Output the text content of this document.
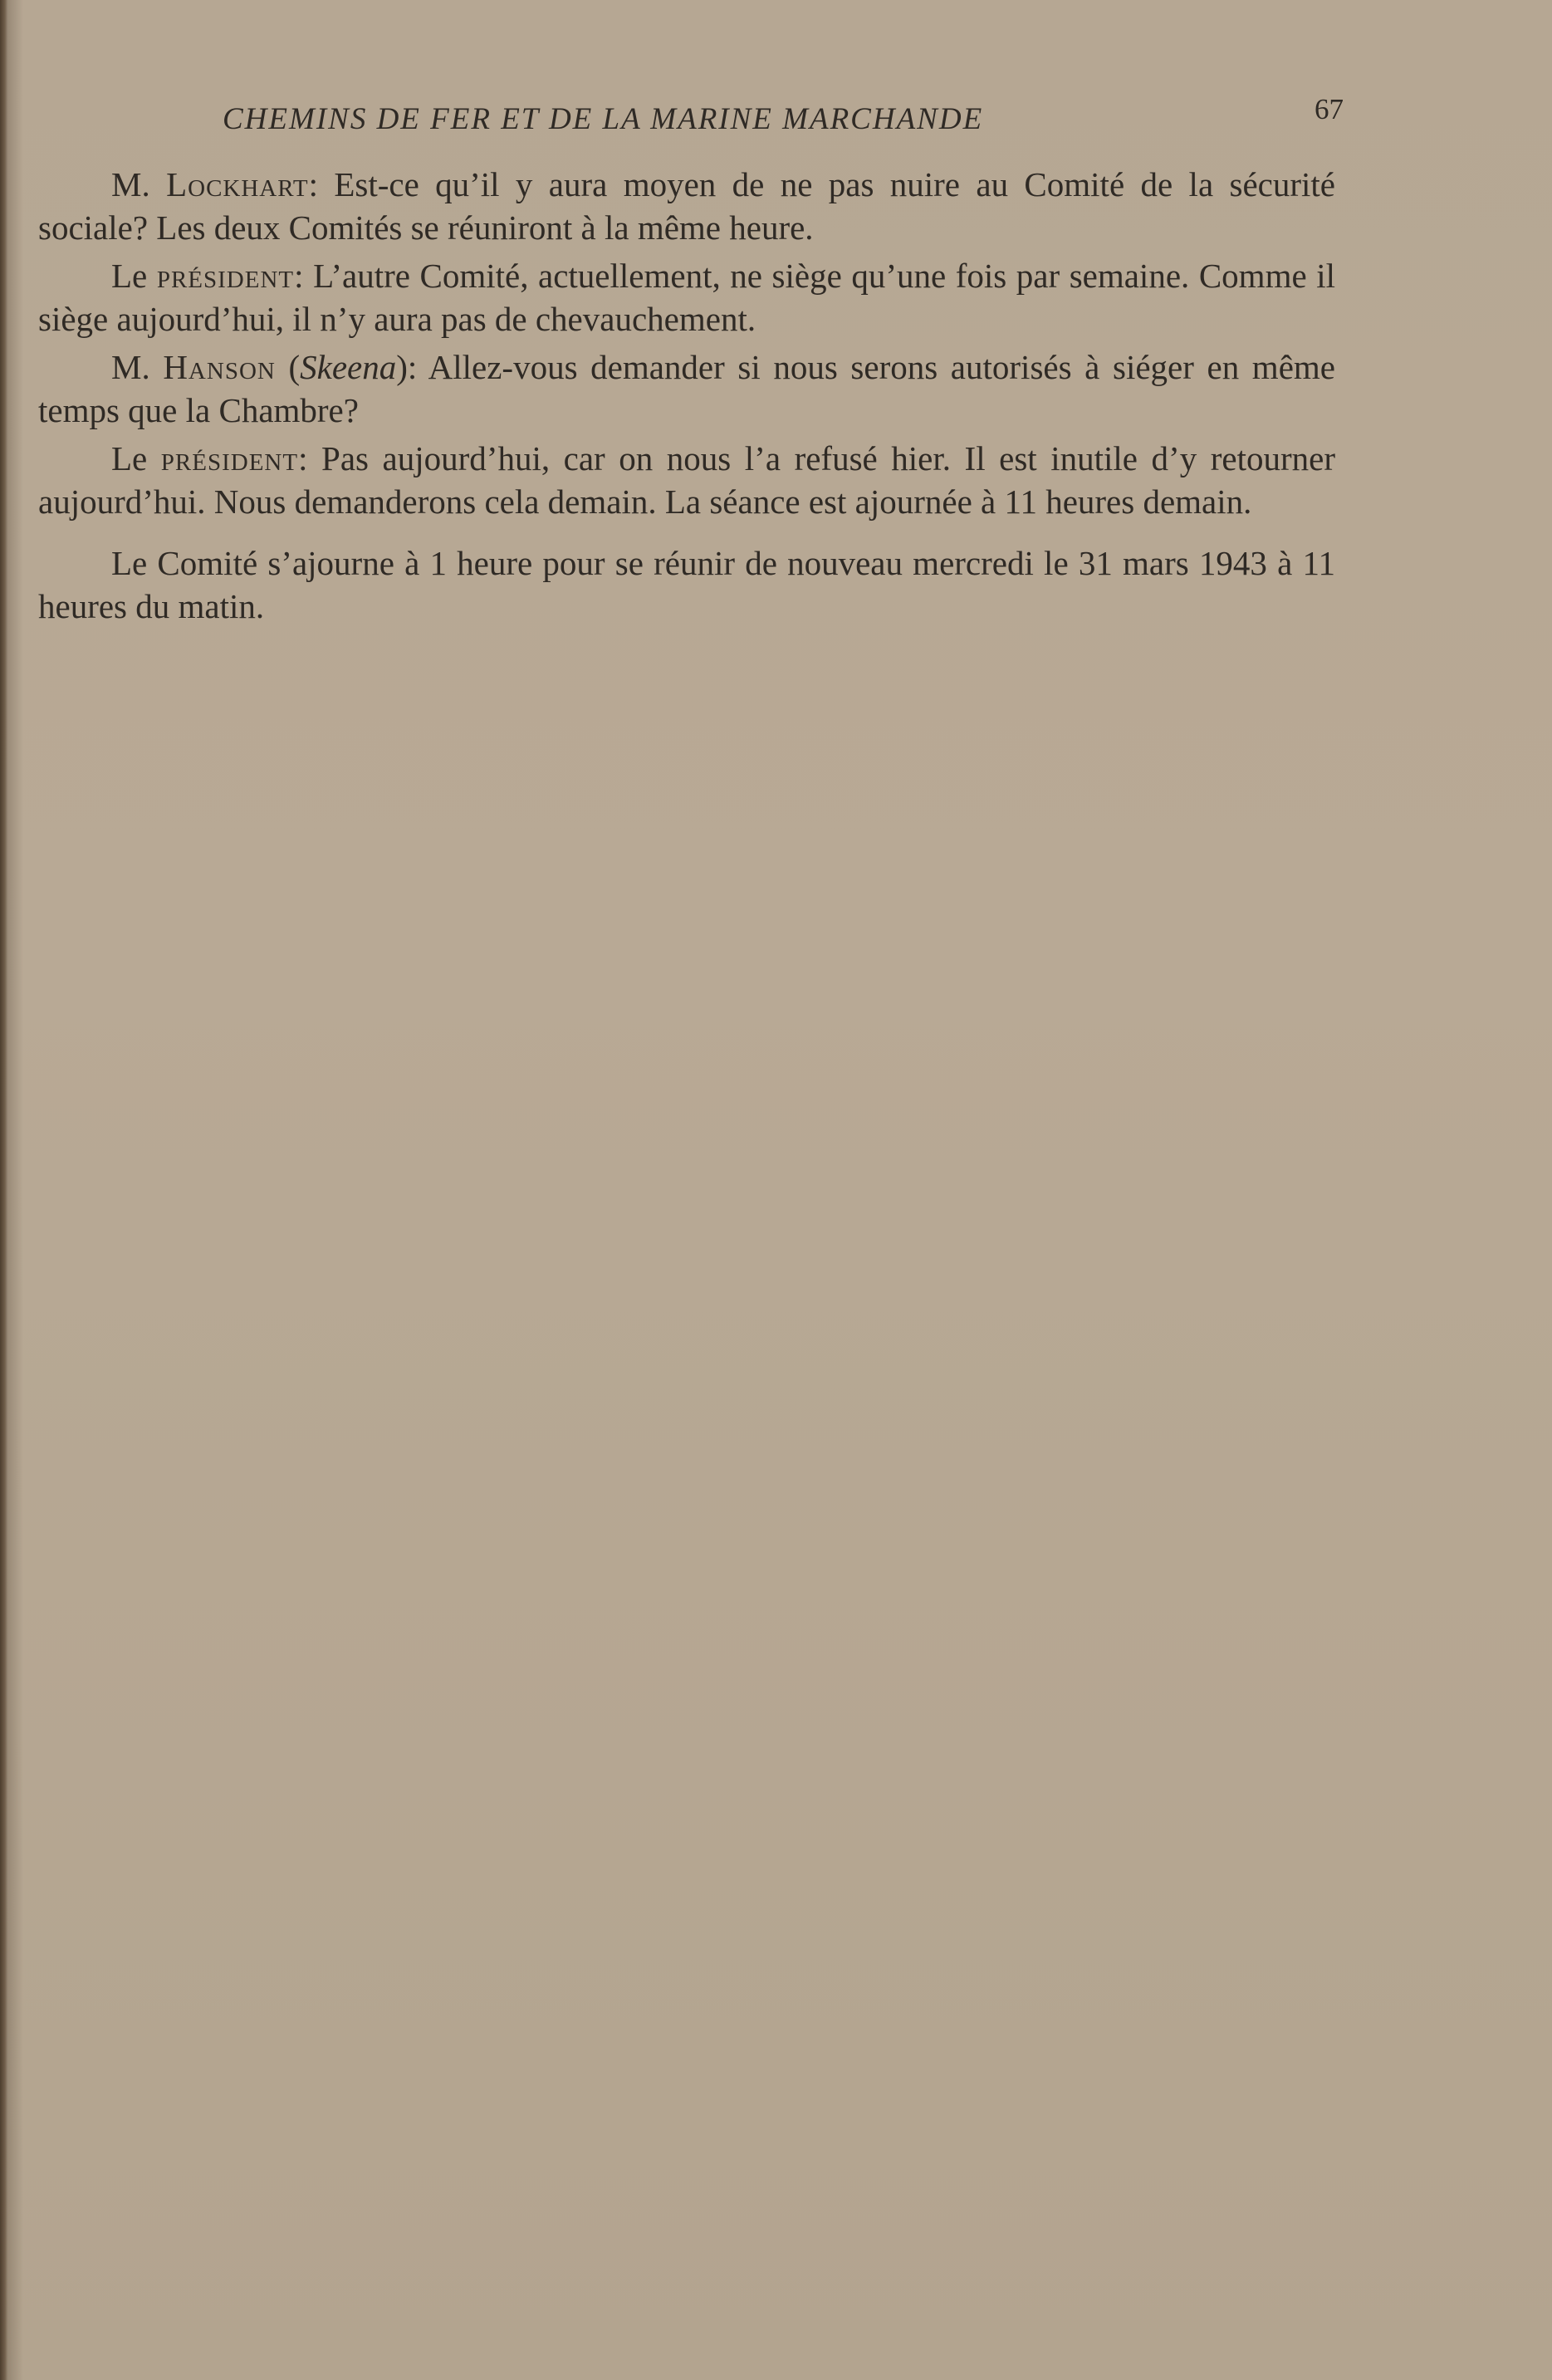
CHEMINS DE FER ET DE LA MARINE MARCHANDE	67

M. Lockhart: Est-ce qu’il y aura moyen de ne pas nuire au Comité de la sécurité sociale? Les deux Comités se réuniront à la même heure.

Le président: L’autre Comité, actuellement, ne siège qu’une fois par semaine. Comme il siège aujourd’hui, il n’y aura pas de chevauchement.

M. Hanson (Skeena): Allez-vous demander si nous serons autorisés à siéger en même temps que la Chambre?

Le président: Pas aujourd’hui, car on nous l’a refusé hier. Il est inutile d’y retourner aujourd’hui. Nous demanderons cela demain. La séance est ajournée à 11 heures demain.

Le Comité s’ajourne à 1 heure pour se réunir de nouveau mercredi le 31 mars 1943 à 11 heures du matin.
